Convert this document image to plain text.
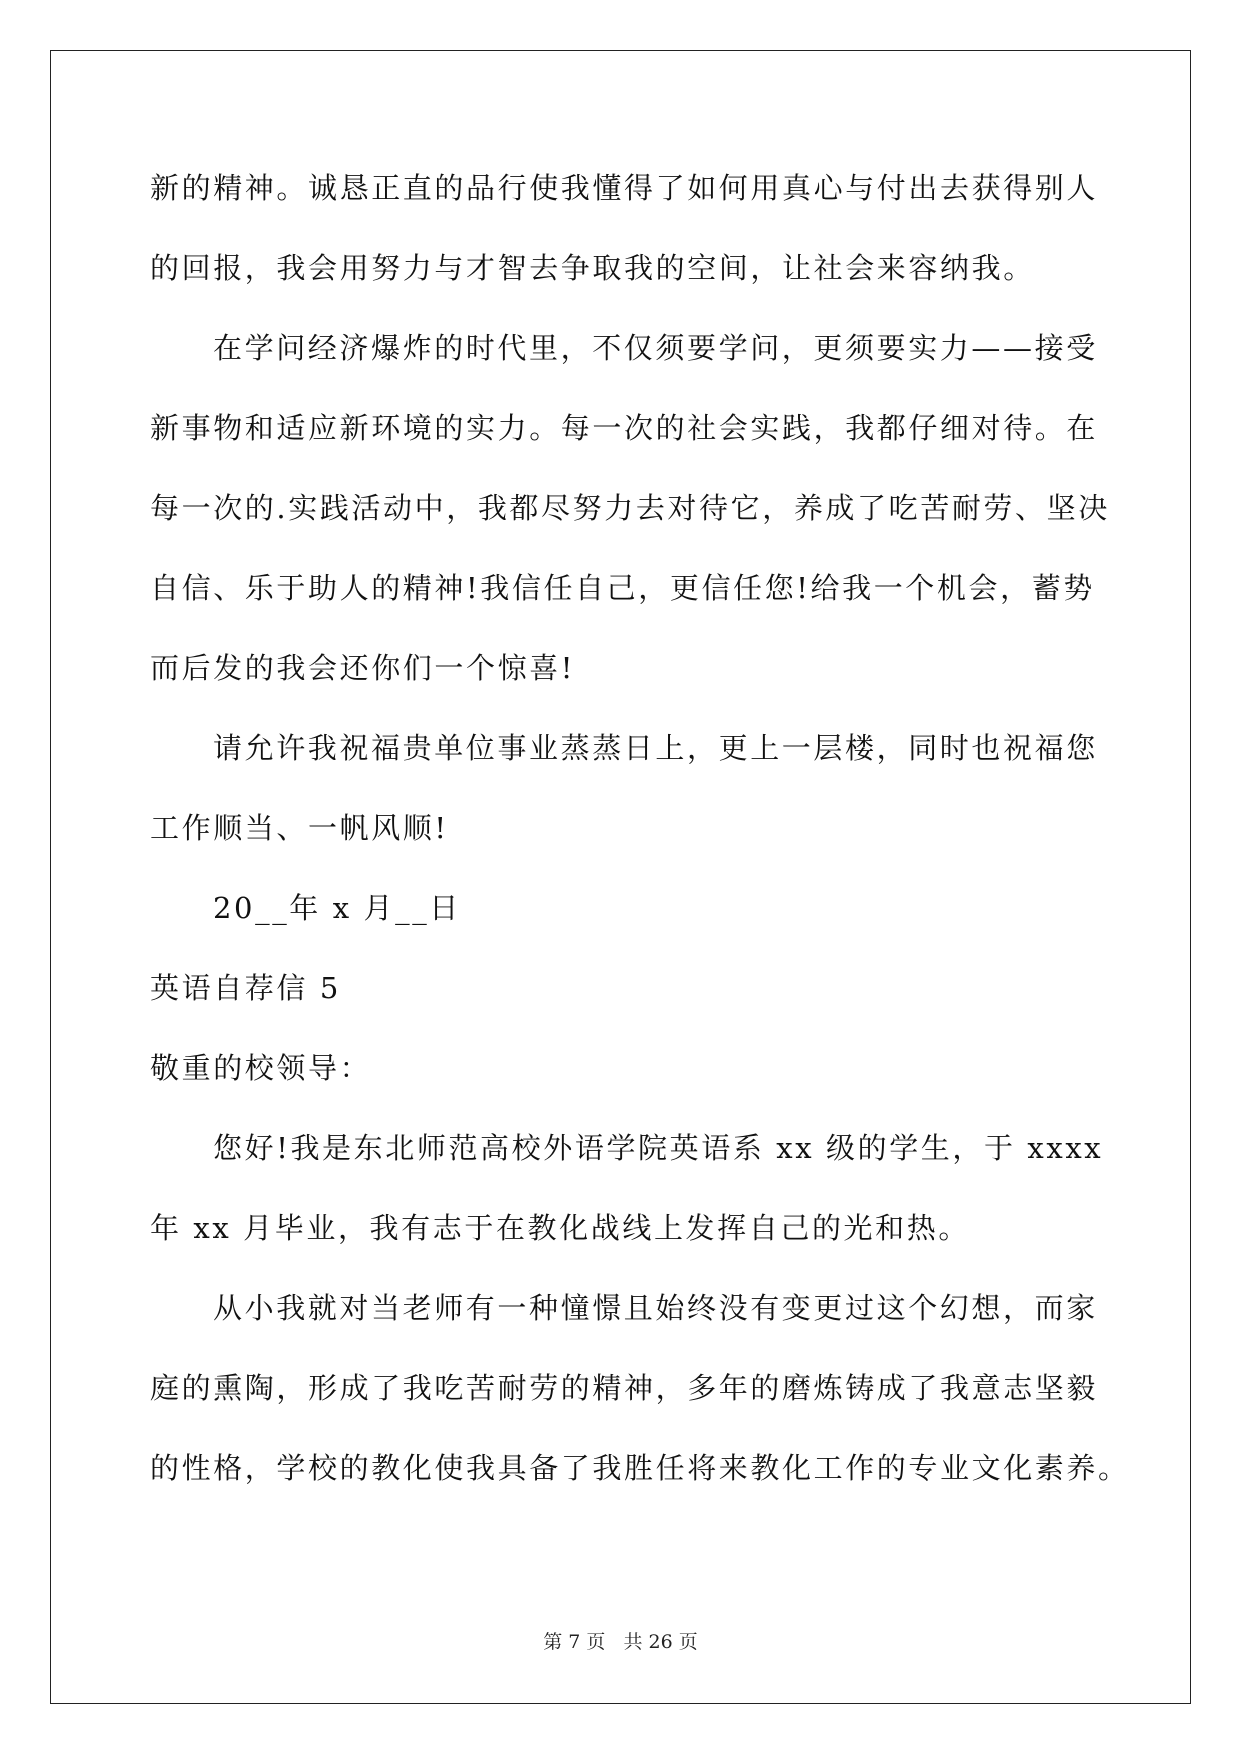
新的精神。诚恳正直的品行使我懂得了如何用真心与付出去获得别人
的回报，我会用努力与才智去争取我的空间，让社会来容纳我。
在学问经济爆炸的时代里，不仅须要学问，更须要实力——接受
新事物和适应新环境的实力。每一次的社会实践，我都仔细对待。在
每一次的.实践活动中，我都尽努力去对待它，养成了吃苦耐劳、坚决
自信、乐于助人的精神!我信任自己，更信任您!给我一个机会，蓄势
而后发的我会还你们一个惊喜!
请允许我祝福贵单位事业蒸蒸日上，更上一层楼，同时也祝福您
工作顺当、一帆风顺!
20__年 x 月__日
英语自荐信 5
敬重的校领导：
您好!我是东北师范高校外语学院英语系 xx 级的学生，于 xxxx
年 xx 月毕业，我有志于在教化战线上发挥自己的光和热。
从小我就对当老师有一种憧憬且始终没有变更过这个幻想，而家
庭的熏陶，形成了我吃苦耐劳的精神，多年的磨炼铸成了我意志坚毅
的性格，学校的教化使我具备了我胜任将来教化工作的专业文化素养。
第 7 页 共 26 页
